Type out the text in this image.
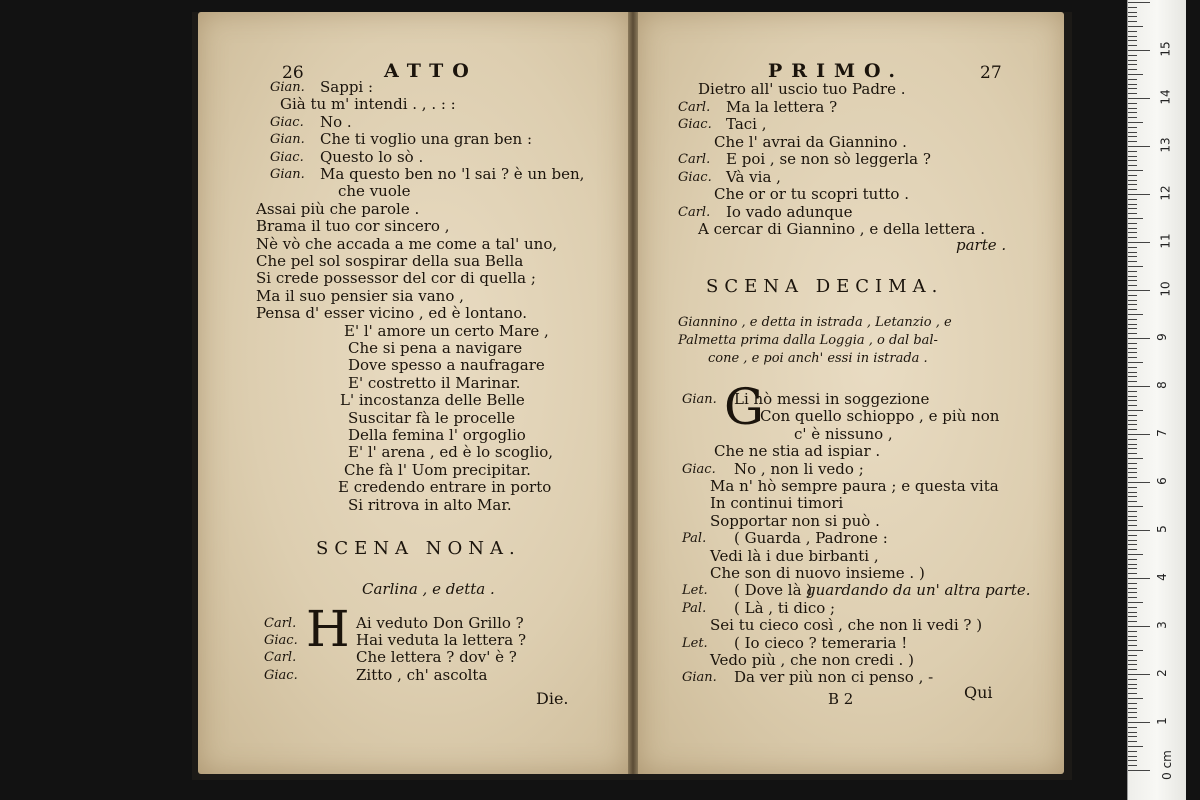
26	ATTO
Gian. Sappi :
Già tu m' intendi . , . : :
Giac. No .
Gian. Che ti voglio una gran ben :
Giac. Questo lo sò .
Gian. Ma questo ben no 'l sai ? è un ben,
che vuole
Assai più che parole .
Brama il tuo cor sincero ,
Nè vò che accada a me come a tal' uno,
Che pel sol sospirar della sua Bella
Si crede possessor del cor di quella ;
Ma il suo pensier sia vano ,
Pensa d' esser vicino , ed è lontano.
E' l' amore un certo Mare ,
Che si pena a navigare
Dove spesso a naufragare
E' costretto il Marinar.
L' incostanza delle Belle
Suscitar fà le procelle
Della femina l' orgoglio
E' l' arena , ed è lo scoglio,
Che fà l' Uom precipitar.
E credendo entrare in porto
Si ritrova in alto Mar.
SCENA NONA.
Carlina , e detta .
H
Carl.	Ai veduto Don Grillo ?
Giac.	Hai veduta la lettera ?
Carl.	Che lettera ? dov' è ?
Giac.	Zitto , ch' ascolta
Die.
PRIMO.	27
Dietro all' uscio tuo Padre .
Carl. Ma la lettera ?
Giac. Taci ,
Che l' avrai da Giannino .
Carl. E poi , se non sò leggerla ?
Giac. Và via ,
Che or or tu scopri tutto .
Carl. Io vado adunque
A cercar di Giannino , e della lettera .
parte .
SCENA DECIMA.
Giannino , e detta in istrada , Letanzio , e
Palmetta prima dalla Loggia , o dal bal-
cone , e poi anch' essi in istrada .
G
Gian. Li hò messi in soggezione
Con quello schioppo , e più non
c' è nissuno ,
Che ne stia ad ispiar .
Giac. No , non li vedo ;
Ma n' hò sempre paura ; e questa vita
In continui timori
Sopportar non si può .
Pal. ( Guarda , Padrone :
Vedi là i due birbanti ,
Che son di nuovo insieme . )
Let. ( Dove là )
guardando da un' altra parte.
Pal. ( Là , ti dico ;
Sei tu cieco così , che non li vedi ? )
Let. ( Io cieco ? temeraria !
Vedo più , che non credi . )
Gian. Da ver più non ci penso , -
B 2	Qui
1
2
3
4
5
6
7
8
9
10
11
12
13
14
15
0 cm
